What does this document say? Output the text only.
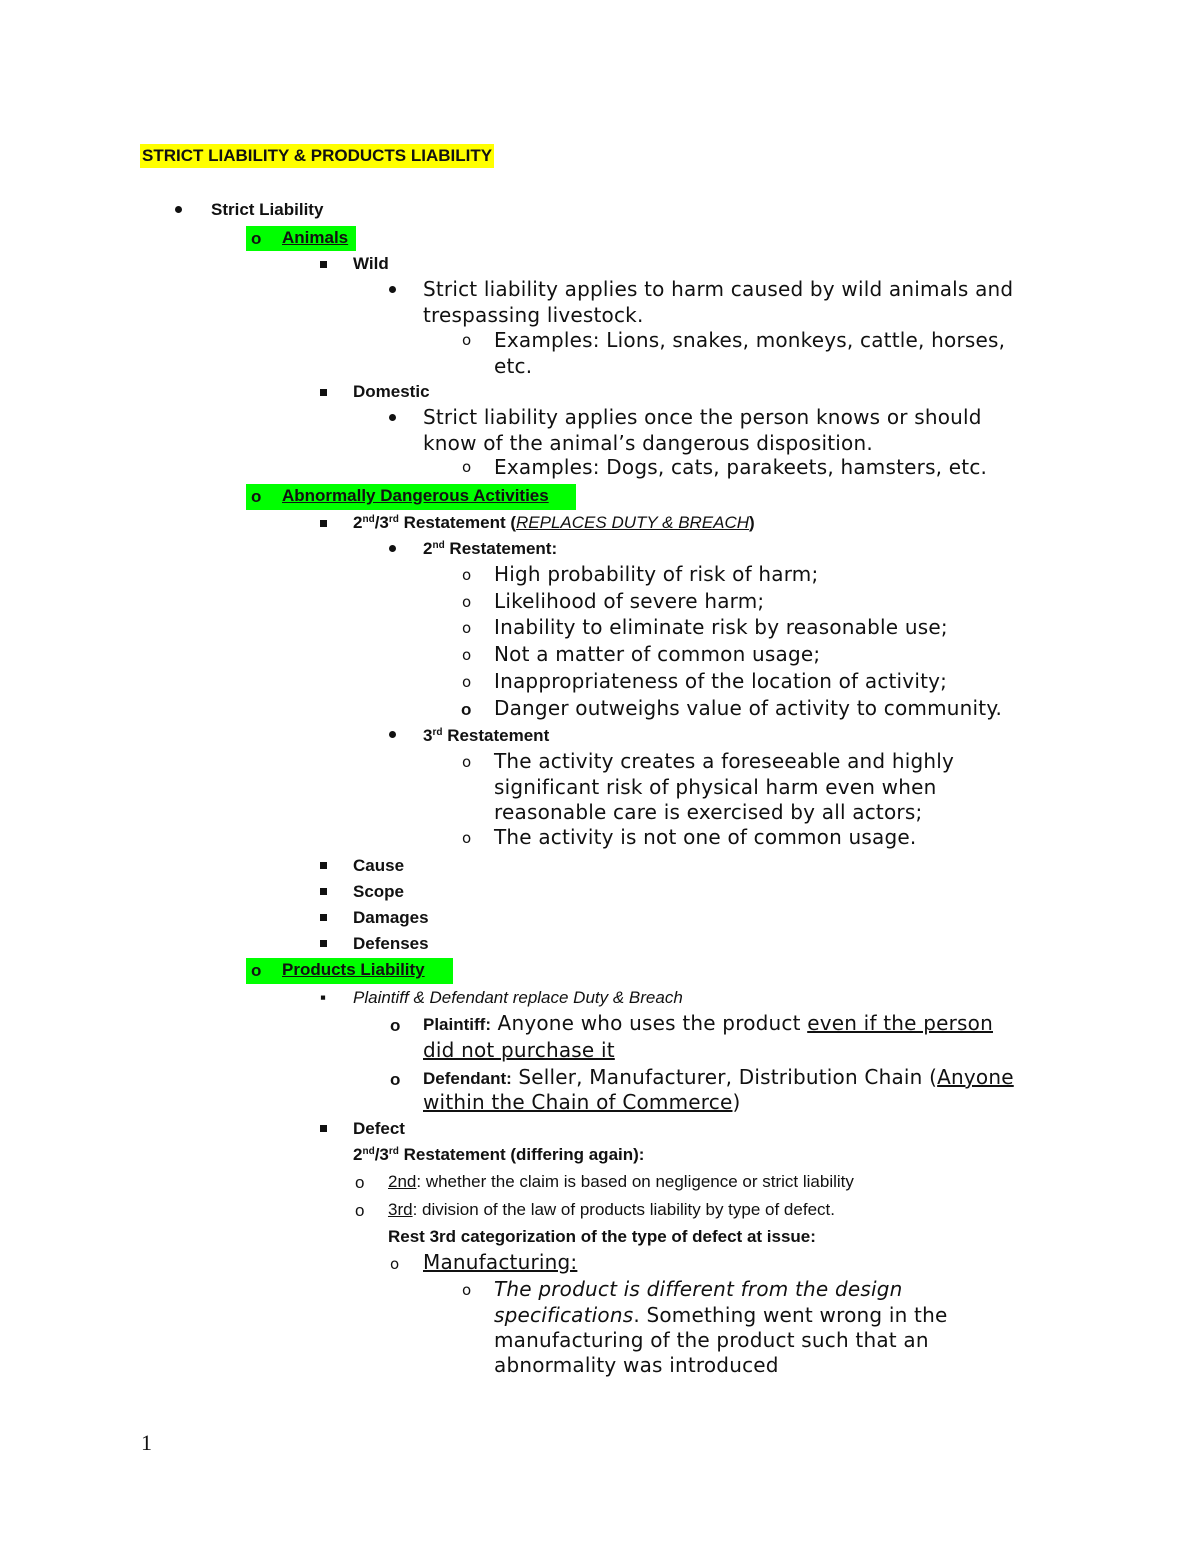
STRICT LIABILITY & PRODUCTS LIABILITY
Strict Liability
o Animals
Wild
Strict liability applies to harm caused by wild animals and
trespassing livestock.
o Examples: Lions, snakes, monkeys, cattle, horses,
etc.
Domestic
Strict liability applies once the person knows or should
know of the animal’s dangerous disposition.
o Examples: Dogs, cats, parakeets, hamsters, etc.
o Abnormally Dangerous Activities
2nd/3rd Restatement (REPLACES DUTY & BREACH)
2nd Restatement:
o High probability of risk of harm;
o Likelihood of severe harm;
o Inability to eliminate risk by reasonable use;
o Not a matter of common usage;
o Inappropriateness of the location of activity;
o Danger outweighs value of activity to community.
3rd Restatement
o The activity creates a foreseeable and highly
significant risk of physical harm even when
reasonable care is exercised by all actors;
o The activity is not one of common usage.
Cause
Scope
Damages
Defenses
o Products Liability
▪ Plaintiff & Defendant replace Duty & Breach
o Plaintiff: Anyone who uses the product even if the person
did not purchase it
o Defendant: Seller, Manufacturer, Distribution Chain (Anyone
within the Chain of Commerce)
Defect
2nd/3rd Restatement (differing again):
o 2nd: whether the claim is based on negligence or strict liability
o 3rd: division of the law of products liability by type of defect.
Rest 3rd categorization of the type of defect at issue:
o Manufacturing:
o The product is different from the design
specifications. Something went wrong in the
manufacturing of the product such that an
abnormality was introduced
1
